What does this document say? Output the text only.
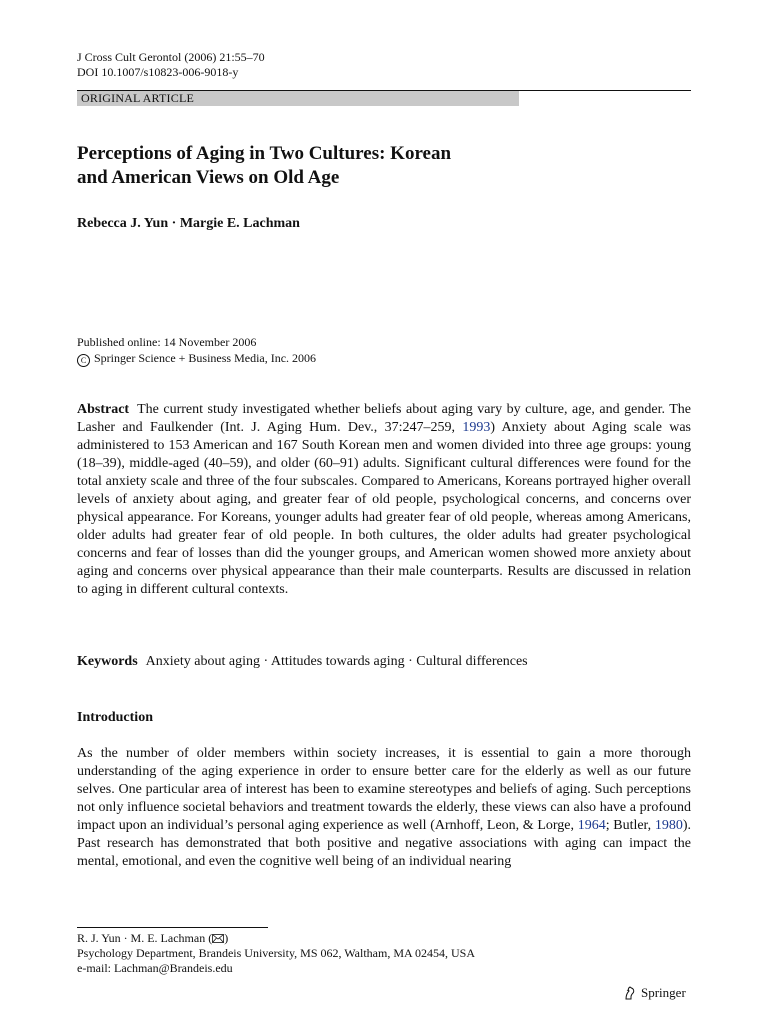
J Cross Cult Gerontol (2006) 21:55–70
DOI 10.1007/s10823-006-9018-y
ORIGINAL ARTICLE
Perceptions of Aging in Two Cultures: Korean
and American Views on Old Age
Rebecca J. Yun · Margie E. Lachman
Published online: 14 November 2006
C Springer Science + Business Media, Inc. 2006
Abstract The current study investigated whether beliefs about aging vary by culture, age, and gender. The Lasher and Faulkender (Int. J. Aging Hum. Dev., 37:247–259, 1993) Anxiety about Aging scale was administered to 153 American and 167 South Korean men and women divided into three age groups: young (18–39), middle-aged (40–59), and older (60–91) adults. Significant cultural differences were found for the total anxiety scale and three of the four subscales. Compared to Americans, Koreans portrayed higher overall levels of anxiety about aging, and greater fear of old people, psychological concerns, and concerns over physical appearance. For Koreans, younger adults had greater fear of old people, whereas among Americans, older adults had greater fear of old people. In both cultures, the older adults had greater psychological concerns and fear of losses than did the younger groups, and American women showed more anxiety about aging and concerns over physical appearance than their male counterparts. Results are discussed in relation to aging in different cultural contexts.
Keywords Anxiety about aging · Attitudes towards aging · Cultural differences
Introduction
As the number of older members within society increases, it is essential to gain a more thorough understanding of the aging experience in order to ensure better care for the elderly as well as our future selves. One particular area of interest has been to examine stereotypes and beliefs of aging. Such perceptions not only influence societal behaviors and treatment towards the elderly, these views can also have a profound impact upon an individual’s personal aging experience as well (Arnhoff, Leon, & Lorge, 1964; Butler, 1980). Past research has demonstrated that both positive and negative associations with aging can impact the mental, emotional, and even the cognitive well being of an individual nearing
R. J. Yun · M. E. Lachman ( )
Psychology Department, Brandeis University, MS 062, Waltham, MA 02454, USA
e-mail: Lachman@Brandeis.edu
Springer
